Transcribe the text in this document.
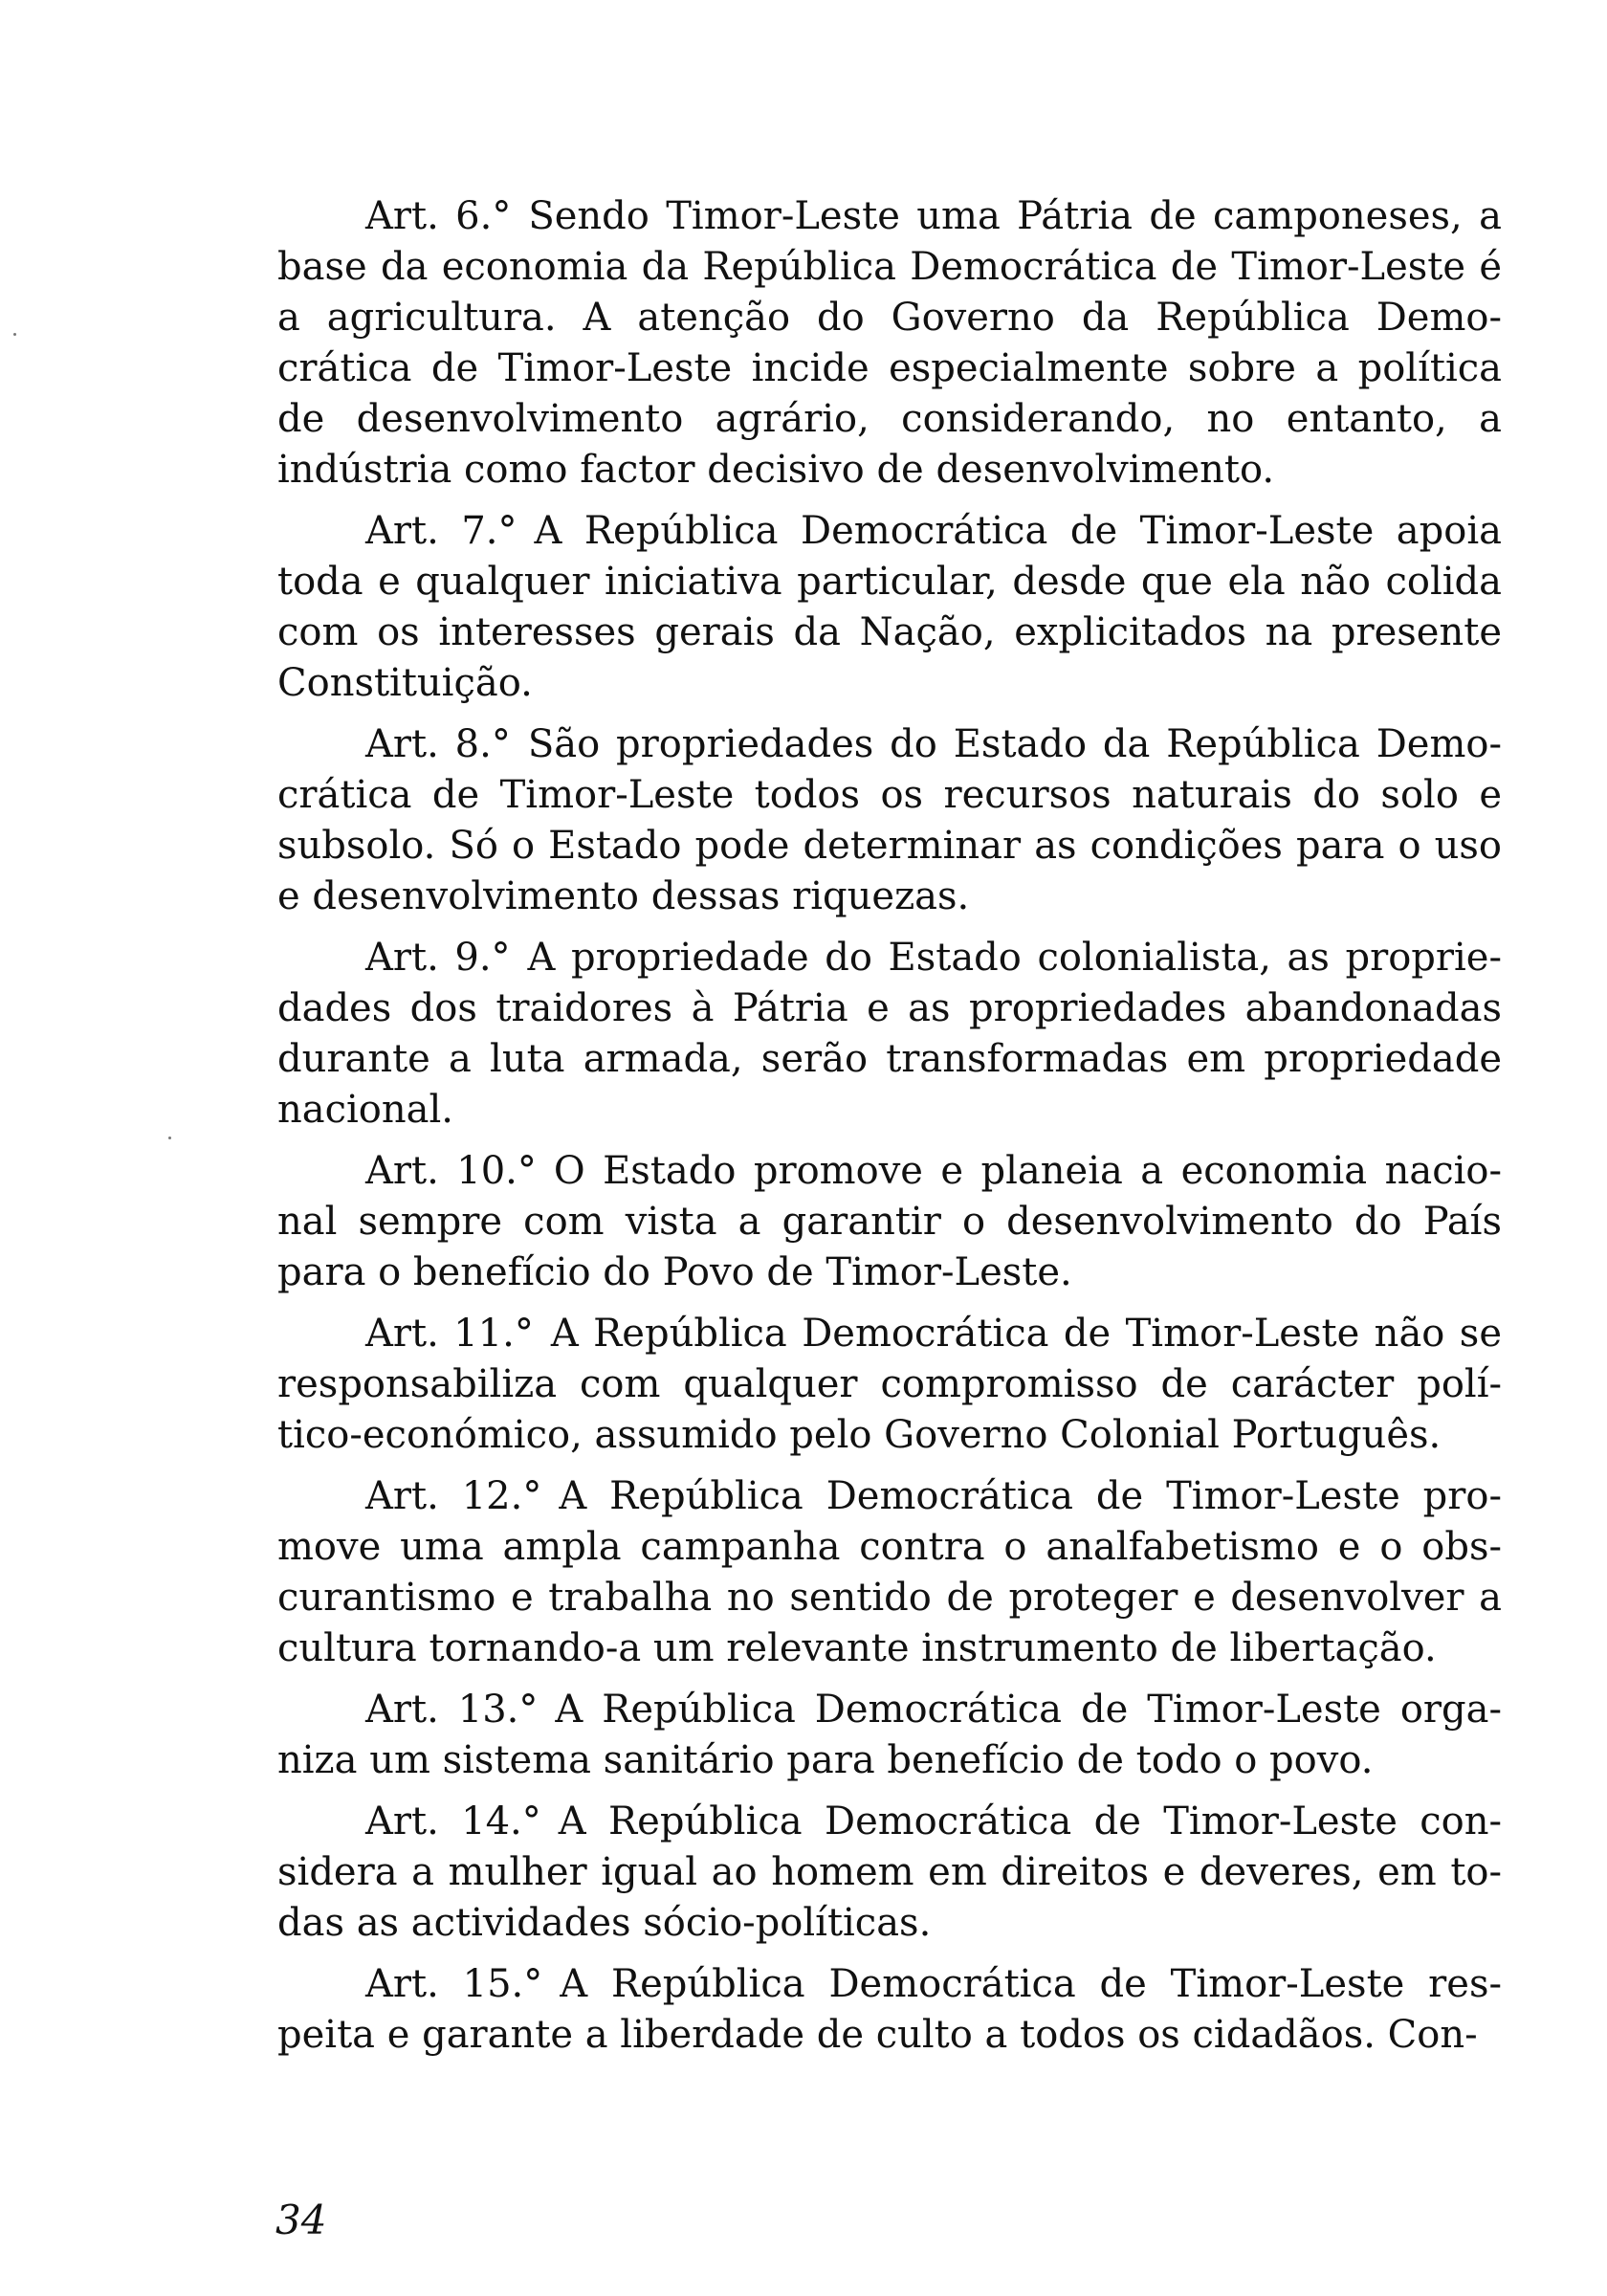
Art. 6.° Sendo Timor-Leste uma Pátria de camponeses, a base da economia da República Democrática de Timor-Leste é a agricultura. A atenção do Governo da República Democrática de Timor-Leste incide especialmente sobre a política de desenvolvimento agrário, considerando, no entanto, a indústria como factor decisivo de desenvolvimento.

Art. 7.° A República Democrática de Timor-Leste apoia toda e qualquer iniciativa particular, desde que ela não colida com os interesses gerais da Nação, explicitados na presente Constituição.

Art. 8.° São propriedades do Estado da República Democrática de Timor-Leste todos os recursos naturais do solo e subsolo. Só o Estado pode determinar as condições para o uso e desenvolvimento dessas riquezas.

Art. 9.° A propriedade do Estado colonialista, as propriedades dos traidores à Pátria e as propriedades abandonadas durante a luta armada, serão transformadas em propriedade nacional.

Art. 10.° O Estado promove e planeia a economia nacional sempre com vista a garantir o desenvolvimento do País para o benefício do Povo de Timor-Leste.

Art. 11.° A República Democrática de Timor-Leste não se responsabiliza com qualquer compromisso de carácter político-económico, assumido pelo Governo Colonial Português.

Art. 12.° A República Democrática de Timor-Leste promove uma ampla campanha contra o analfabetismo e o obscurantismo e trabalha no sentido de proteger e desenvolver a cultura tornando-a um relevante instrumento de libertação.

Art. 13.° A República Democrática de Timor-Leste organiza um sistema sanitário para benefício de todo o povo.

Art. 14.° A República Democrática de Timor-Leste considera a mulher igual ao homem em direitos e deveres, em todas as actividades sócio-políticas.

Art. 15.° A República Democrática de Timor-Leste respeita e garante a liberdade de culto a todos os cidadãos. Con-

34
